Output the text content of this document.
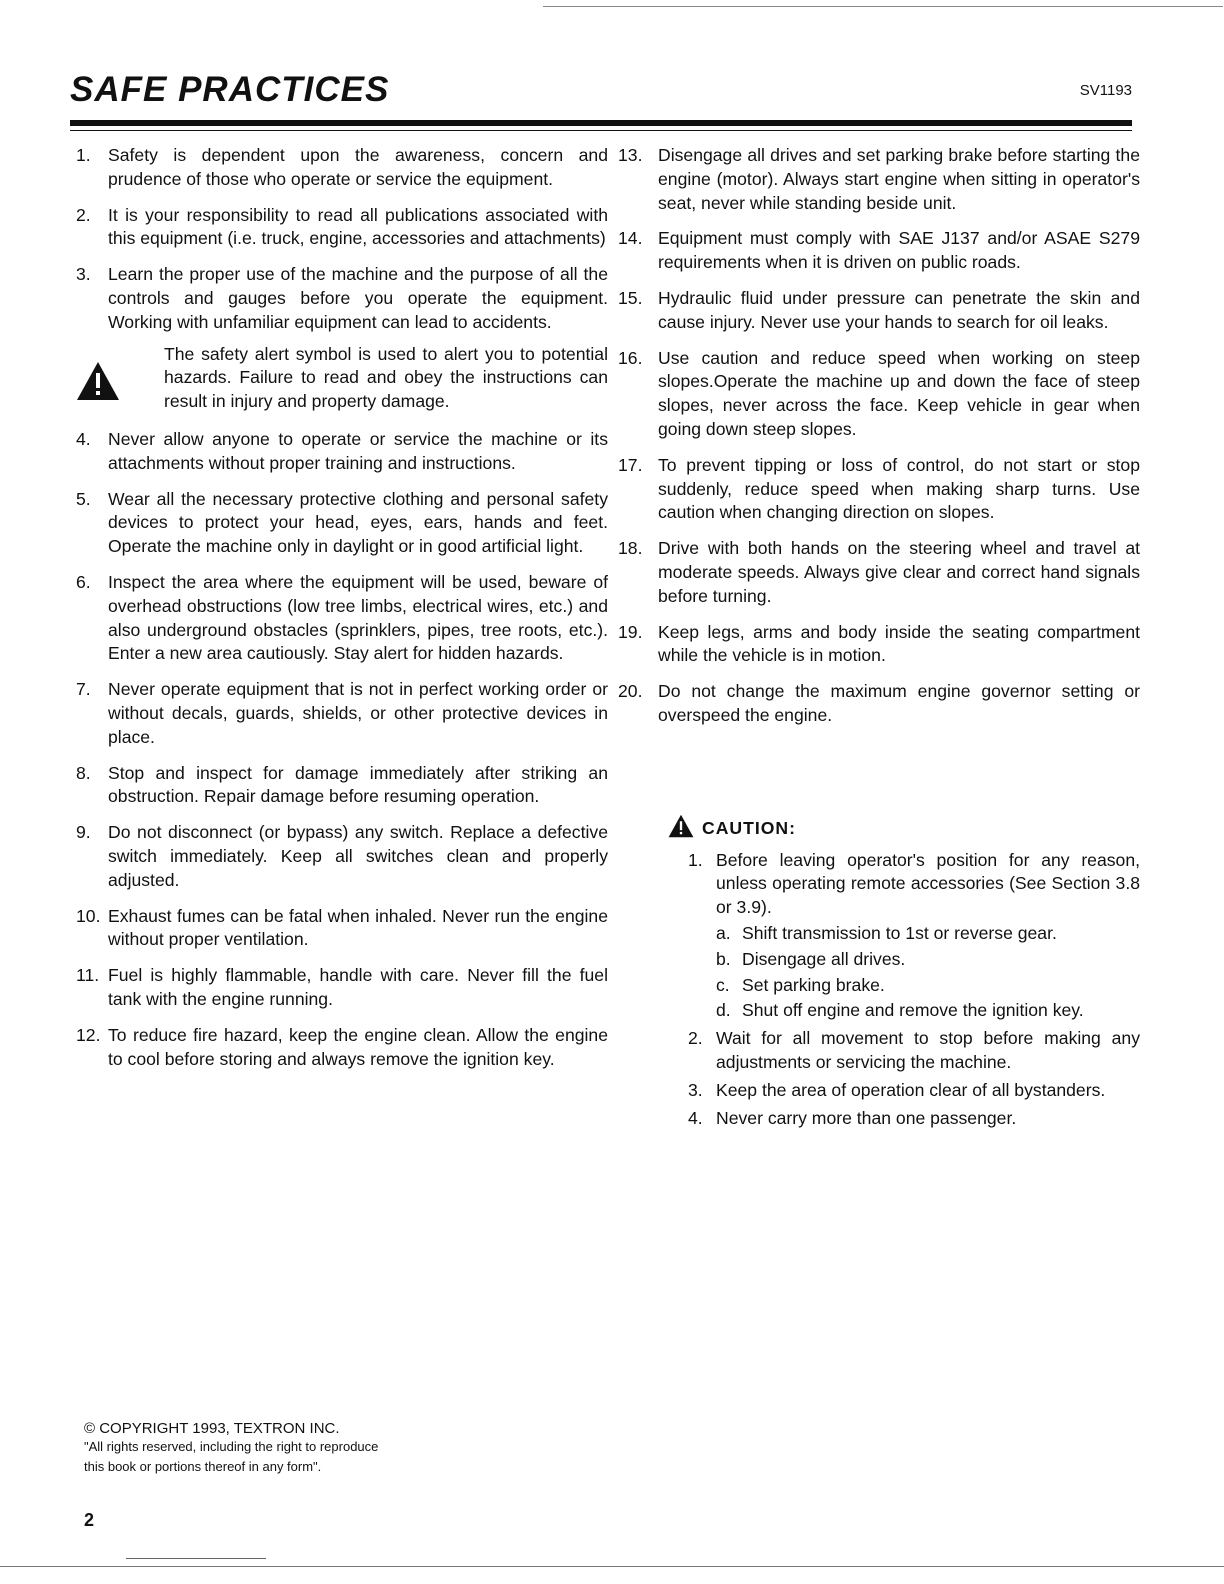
SAFE PRACTICES	SV1193
1. Safety is dependent upon the awareness, concern and prudence of those who operate or service the equipment.
2. It is your responsibility to read all publications associated with this equipment (i.e. truck, engine, accessories and attachments)
3. Learn the proper use of the machine and the purpose of all the controls and gauges before you operate the equipment. Working with unfamiliar equipment can lead to accidents.
The safety alert symbol is used to alert you to potential hazards. Failure to read and obey the instructions can result in injury and property damage.
4. Never allow anyone to operate or service the machine or its attachments without proper training and instructions.
5. Wear all the necessary protective clothing and personal safety devices to protect your head, eyes, ears, hands and feet. Operate the machine only in daylight or in good artificial light.
6. Inspect the area where the equipment will be used, beware of overhead obstructions (low tree limbs, electrical wires, etc.) and also underground obstacles (sprinklers, pipes, tree roots, etc.). Enter a new area cautiously. Stay alert for hidden hazards.
7. Never operate equipment that is not in perfect working order or without decals, guards, shields, or other protective devices in place.
8. Stop and inspect for damage immediately after striking an obstruction. Repair damage before resuming operation.
9. Do not disconnect (or bypass) any switch. Replace a defective switch immediately. Keep all switches clean and properly adjusted.
10. Exhaust fumes can be fatal when inhaled. Never run the engine without proper ventilation.
11. Fuel is highly flammable, handle with care. Never fill the fuel tank with the engine running.
12. To reduce fire hazard, keep the engine clean. Allow the engine to cool before storing and always remove the ignition key.
13. Disengage all drives and set parking brake before starting the engine (motor). Always start engine when sitting in operator's seat, never while standing beside unit.
14. Equipment must comply with SAE J137 and/or ASAE S279 requirements when it is driven on public roads.
15. Hydraulic fluid under pressure can penetrate the skin and cause injury. Never use your hands to search for oil leaks.
16. Use caution and reduce speed when working on steep slopes.Operate the machine up and down the face of steep slopes, never across the face. Keep vehicle in gear when going down steep slopes.
17. To prevent tipping or loss of control, do not start or stop suddenly, reduce speed when making sharp turns. Use caution when changing direction on slopes.
18. Drive with both hands on the steering wheel and travel at moderate speeds. Always give clear and correct hand signals before turning.
19. Keep legs, arms and body inside the seating compartment while the vehicle is in motion.
20. Do not change the maximum engine governor setting or overspeed the engine.
CAUTION:
1. Before leaving operator's position for any reason, unless operating remote accessories (See Section 3.8 or 3.9).
a. Shift transmission to 1st or reverse gear.
b. Disengage all drives.
c. Set parking brake.
d. Shut off engine and remove the ignition key.
2. Wait for all movement to stop before making any adjustments or servicing the machine.
3. Keep the area of operation clear of all bystanders.
4. Never carry more than one passenger.
© COPYRIGHT 1993, TEXTRON INC.
"All rights reserved, including the right to reproduce
this book or portions thereof in any form".
2
